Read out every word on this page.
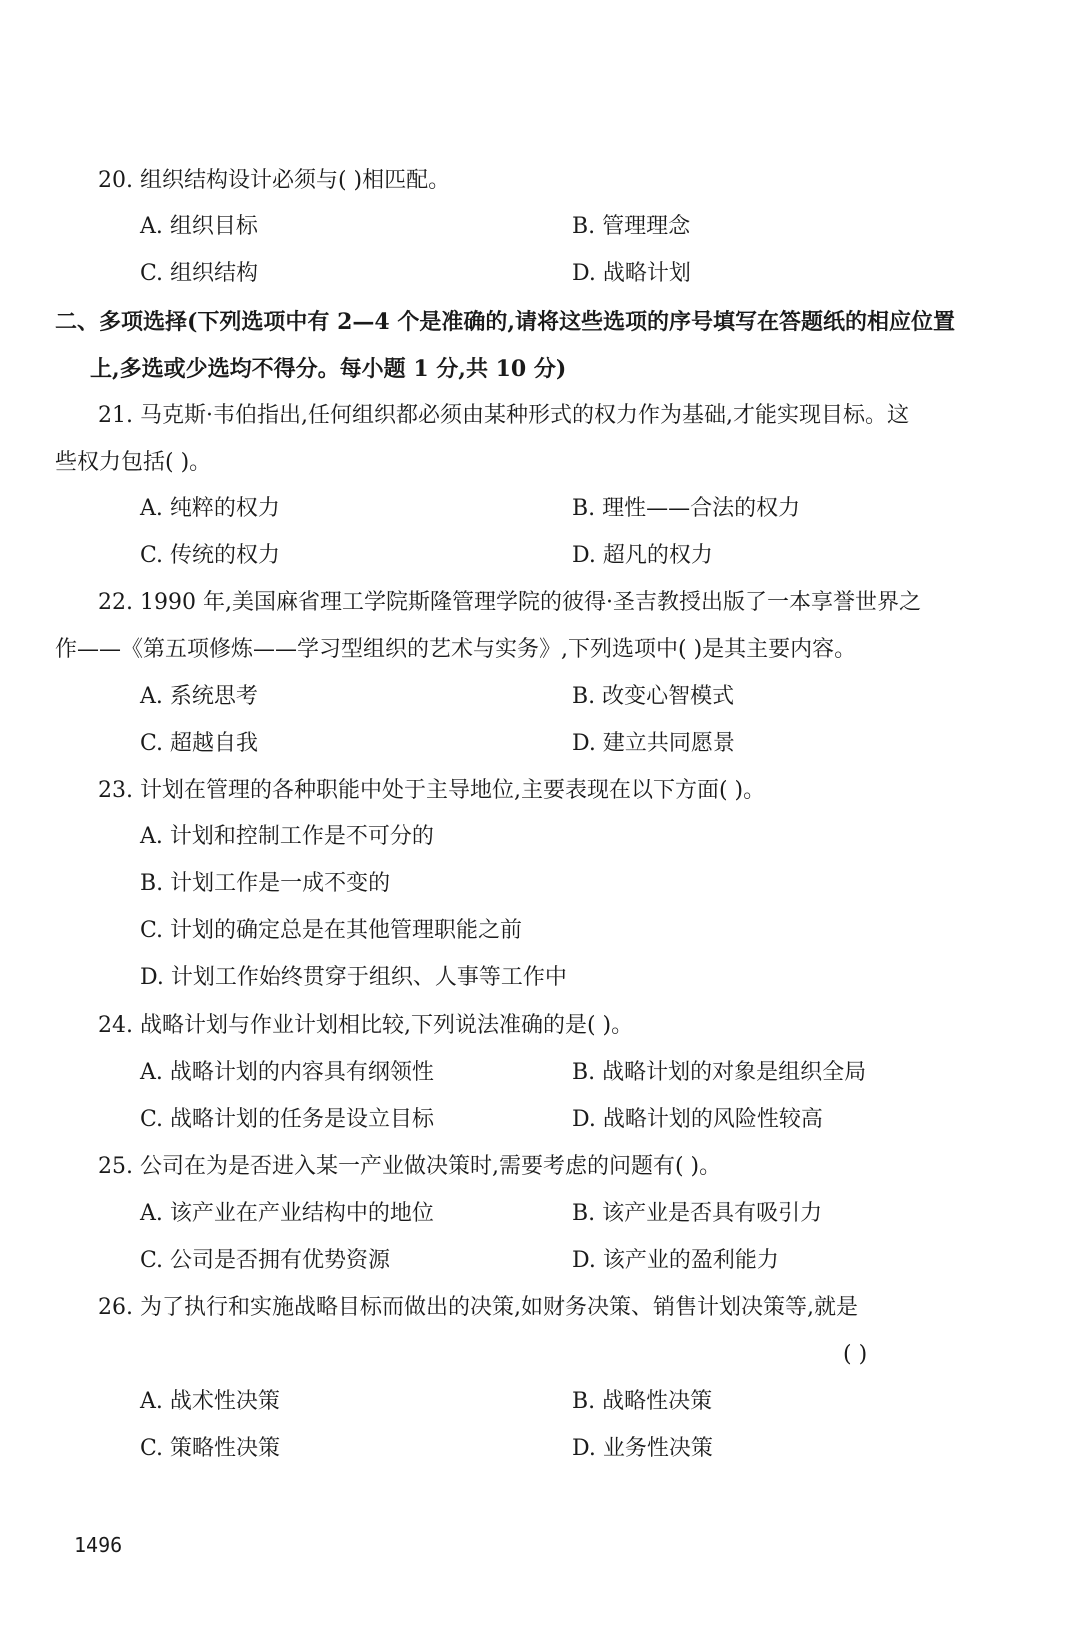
20. 组织结构设计必须与( )相匹配。
A. 组织目标	B. 管理理念
C. 组织结构	D. 战略计划
二、多项选择(下列选项中有 2—4 个是准确的,请将这些选项的序号填写在答题纸的相应位置
上,多选或少选均不得分。每小题 1 分,共 10 分)
21. 马克斯·韦伯指出,任何组织都必须由某种形式的权力作为基础,才能实现目标。这
些权力包括( )。
A. 纯粹的权力	B. 理性——合法的权力
C. 传统的权力	D. 超凡的权力
22. 1990 年,美国麻省理工学院斯隆管理学院的彼得·圣吉教授出版了一本享誉世界之
作——《第五项修炼——学习型组织的艺术与实务》,下列选项中( )是其主要内容。
A. 系统思考	B. 改变心智模式
C. 超越自我	D. 建立共同愿景
23. 计划在管理的各种职能中处于主导地位,主要表现在以下方面( )。
A. 计划和控制工作是不可分的
B. 计划工作是一成不变的
C. 计划的确定总是在其他管理职能之前
D. 计划工作始终贯穿于组织、人事等工作中
24. 战略计划与作业计划相比较,下列说法准确的是( )。
A. 战略计划的内容具有纲领性	B. 战略计划的对象是组织全局
C. 战略计划的任务是设立目标	D. 战略计划的风险性较高
25. 公司在为是否进入某一产业做决策时,需要考虑的问题有( )。
A. 该产业在产业结构中的地位	B. 该产业是否具有吸引力
C. 公司是否拥有优势资源	D. 该产业的盈利能力
26. 为了执行和实施战略目标而做出的决策,如财务决策、销售计划决策等,就是
( )
A. 战术性决策	B. 战略性决策
C. 策略性决策	D. 业务性决策
1496
